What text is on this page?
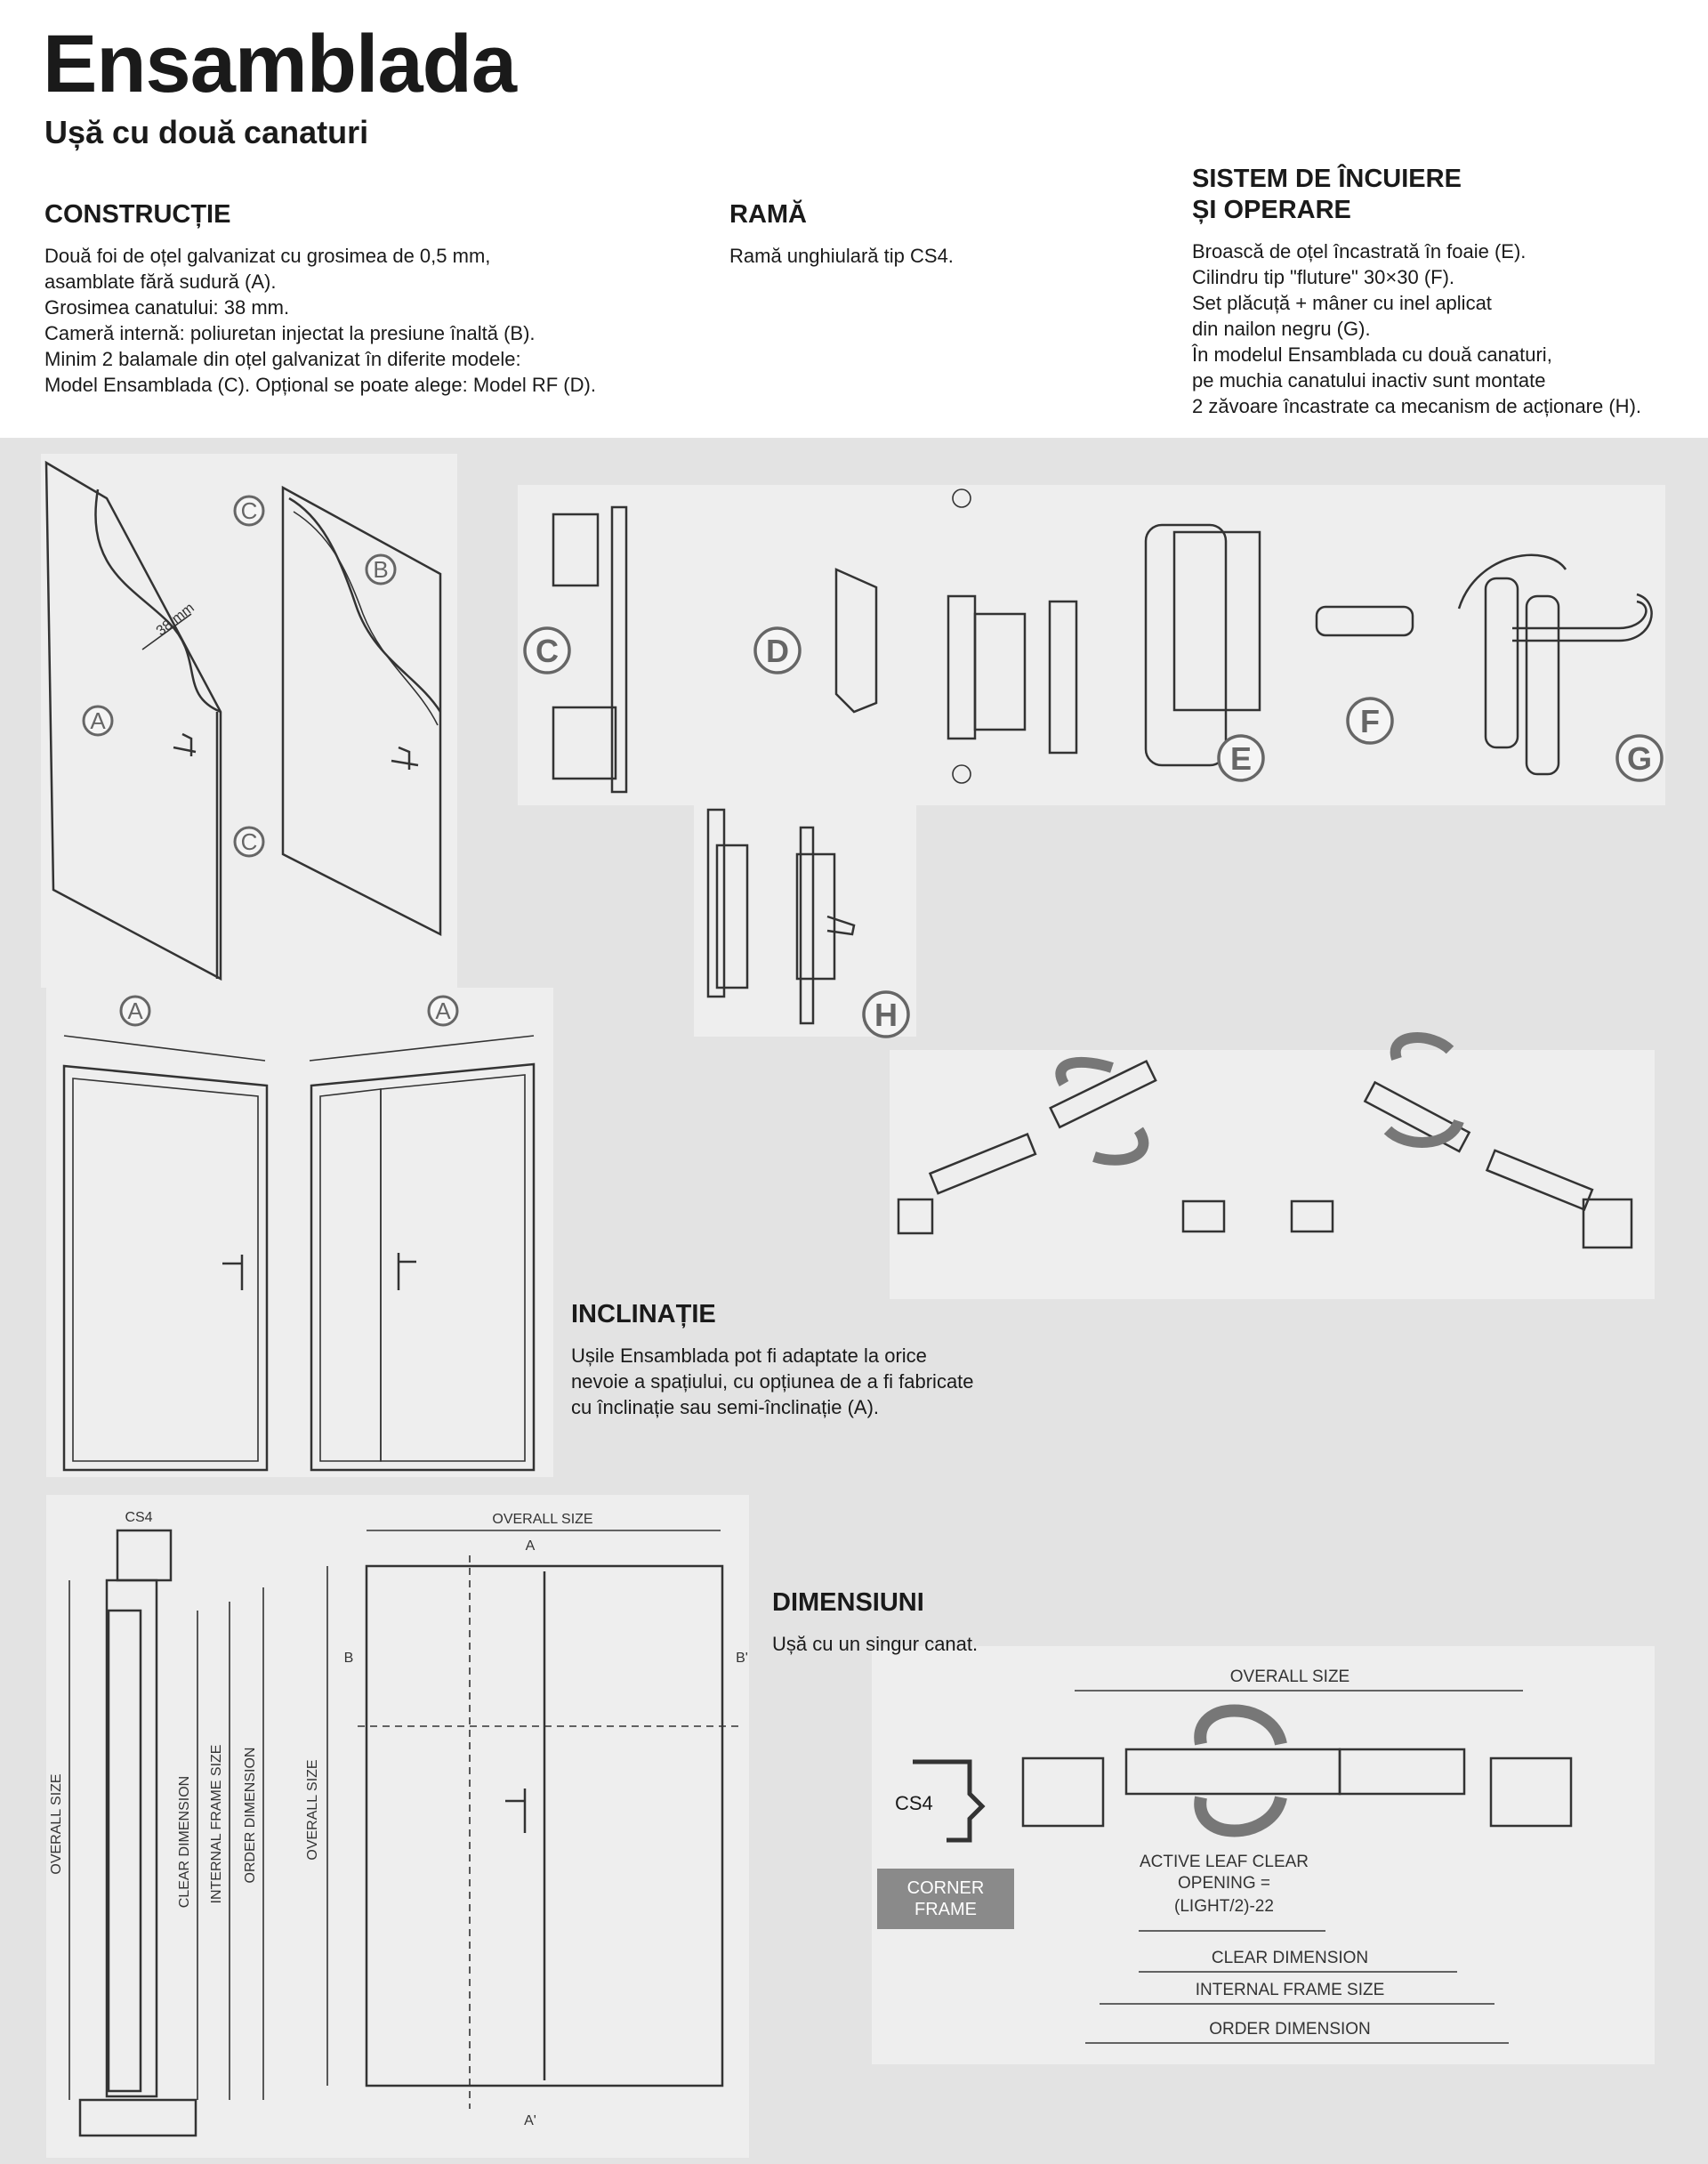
Ensamblada
Ușă cu două canaturi
CONSTRUCȚIE

Două foi de oțel galvanizat cu grosimea de 0,5 mm,

asamblate fără sudură (A).

Grosimea canatului: 38 mm.

Cameră internă: poliuretan injectat la presiune înaltă (B).

Minim 2 balamale din oțel galvanizat în diferite modele:

Model Ensamblada (C). Opțional se poate alege: Model RF (D).

RAMĂ

Ramă unghiulară tip CS4.

SISTEM DE ÎNCUIERE
ȘI OPERARE

Broască de oțel încastrată în foaie (E).

Cilindru tip "fluture" 30×30 (F).

Set plăcuță + mâner cu inel aplicat

din nailon negru (G).

În modelul Ensamblada cu două canaturi,

pe muchia canatului inactiv sunt montate

2 zăvoare încastrate ca mecanism de acționare (H).

38 mm
C
B
A
C
C	D
E
F
G
H
A	A
CS4
OVERALL SIZE	CLEAR DIMENSION INTERNAL FRAME SIZE ORDER DIMENSION
OVERALL SIZE
A
B	B'
A'
OVERALL SIZE
OVERALL SIZE
ACTIVE LEAF CLEAR
OPENING =
(LIGHT/2)-22
CLEAR DIMENSION
INTERNAL FRAME SIZE
ORDER DIMENSION
INCLINAȚIE

Ușile Ensamblada pot fi adaptate la orice

nevoie a spațiului, cu opțiunea de a fi fabricate

cu înclinație sau semi-înclinație (A).

DIMENSIUNI

Ușă cu un singur canat.

CS4
CORNER
FRAME
